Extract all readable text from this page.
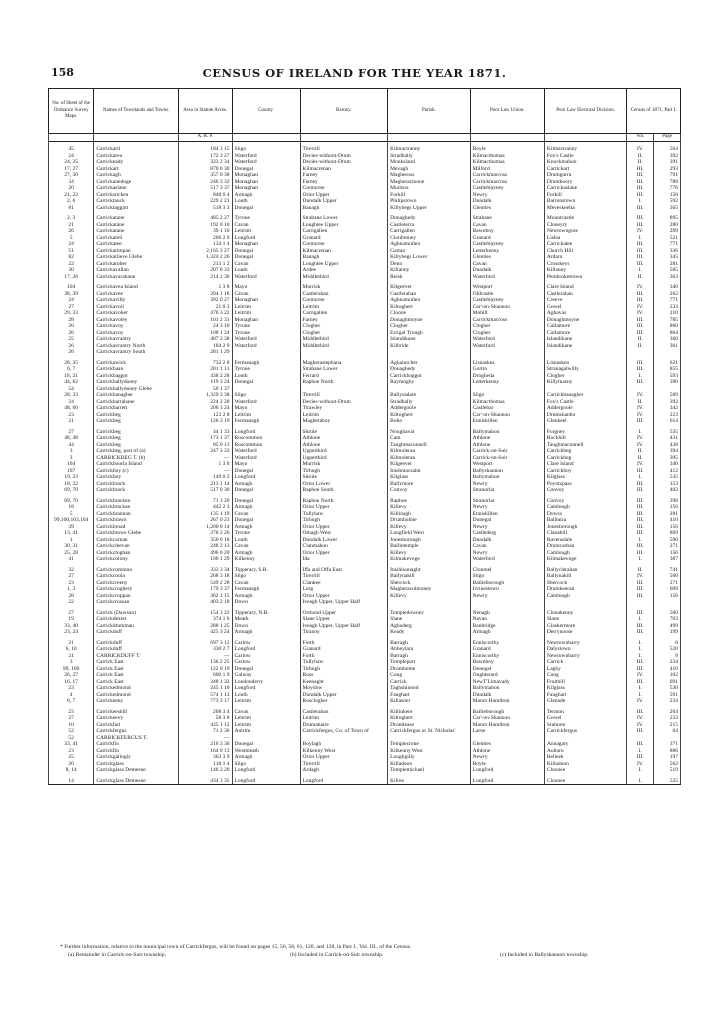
158	CENSUS OF IRELAND FOR THE YEAR 1871.
No. of Sheet of the Ordnance Survey Maps.	Names of Townlands and Towns.	Area in Statute Acres.	County.	Barony.	Parish.	Poor Law Union.	Poor Law Electoral Division.	Census of 1871, Part I.	
		A. R. P.						Vol.	Page

45	Carrickard	184 3 15	Sligo	Tirerrill	Kilmactranny	Boyle	Kilmactranny	IV.	564
24	Carrickarea	172 3 27	Waterford	Decies-without-Drum	Stradbally	Kilmacthomas	Fox's Castle	II.	392
24, 25	Carrickeady	323 2 34	Waterford	Decies-without-Drum	Monksland	Kilmacthomas	Knockmahon	II.	391
17, 27	Carrickart	870 0 30	Donegal	Kilmacrenan	Mevagh	Milford	Carrickart	III.	293
27, 30	Carrickagh	357 0 38	Monaghan	Farney	Magheross	Carrickmacross	Drumgurra	III.	791
34	Carrickanedoge	240 3 32	Monaghan	Farney	Magheracloone	Carrickmacross	Drumboory	III.	788
20	Carrickaslane	517 3 37	Monaghan	Cremorne	Muckno	Castleblayney	Carrickaslane	III.	776
21, 22	Carricksticken	848 0 4	Armagh	Orior Upper	Forkill	Newry	Forkill	III.	156
2, 6	Carricktauck	229 2 21	Louth	Dundalk Upper	Philipstown	Dundalk	Barronstown	I.	592
81	Carricktaggart	518 3 3	Donegal	Banagh	Killybegs Upper	Glenties	Meveskeelta	III.	365

2, 3	Carrickatane	485 2 27	Tyrone	Strabane Lower	Donaghedy	Strabane	Mountcastle	III.	895
21	Carrickatane	192 0 10	Cavan	Loughtee Upper	Castleterra	Cavan	Cloneyry	III.	280
26	Carrickatane	39 1 16	Leitrim	Carrigallen	Carrigallen	Bawnboy	Newtowngore	IV.	209
5	Carrickateil	206 2 0	Longford	Granard	Clonbroney	Granard	Lislea	I.	521
24	Carrickatee	134 1 4	Monaghan	Cremorne	Aghnamullen	Castleblayney	Carrickatee	III.	771
51	Carrickatimpan	2,165 3 27	Donegal	Kilmacrenan	Gartan	Letterkenny	Church Hill	III.	336
82	Carrickatlieve Glebe	1,324 2 26	Donegal	Banagh	Killybegs Lower	Glenties	Ardara	III.	345
22	Carrickatober	213 1 2	Cavan	Loughtee Upper	Denn	Cavan	Crosskeys	III.	281
30	Carrickavallan	207 0 33	Louth	Ardee	Killanny	Dundalk	Killanny	I.	585
17, 26	Carrickavarahane	214 2 30	Waterford	Middlethird	Reisk	Waterford	Pembrokestown	II.	363

104	Carrickavea Island	1 3 8	Mayo	Murrisk	Kilgeever	Westport	Clare Island	IV.	340
38, 39	Carrickavee	204 1 18	Cavan	Castlerahan	Castlerahan	Oldcastle	Castlerahan	III.	262
24	Carrickavilly	392 0 27	Monaghan	Cremorne	Aghnamullen	Castleblayney	Creeve	III.	771
27	Carrickavoil	21 0 3	Leitrim	Leitrim	Kiltoghert	Car'-on-Shannon	Gowel	IV.	233
29, 33	Carrickavoher	476 3 22	Leitrim	Carrigallen	Cloone	Mohill	Aghavas	IV.	210
28	Carrickavoley	101 2 31	Monaghan	Farney	Donaghmoyne	Carrickmacross	Donaghmoyne	III.	785
26	Carrickavoy	24 3 10	Tyrone	Clogher	Clogher	Clogher	Cullamore	III.	860
26	Carrickavoy	108 1 24	Tyrone	Clogher	Errigal Trough	Clogher	Cullamore	III.	864
25	Carrickavrantry	407 2 38	Waterford	Middlethird	Islandikane	Waterford	Islandikane	II.	360
26	Carrickavrantry North	184 2 9	Waterford	Middlethird	Kilbride	Waterford	Islandikane	II.	361
26	Carrickavrantry South	281 1 29							

28, 35	Carrickawick	732 2 8	Fermanagh	Magherastephana	Aghalurcher	Lisnaskea	Lisnaskea	III.	621
6, 7	Carrickbaan	281 1 13	Tyrone	Strabane Lower	Donaghedy	Gortin	Stranagalwilly	III.	855
18, 21	Carrickbaggot	438 2 28	Louth	Ferrard	Carrickbaggot	Drogheda	Clogher	I.	593
44, 62	Carrickballydooey	119 3 24	Donegal	Raphoe North	Raymoghy	Letterkenny	Killymasny	III.	390
54	Carrickballydooey Glebe	50 1 37							
28, 33	Carrickbanagher	1,329 3 38	Sligo	Tirerrill	Ballysadare	Sligo	Carrickbanagher	IV.	569
24	Carrickbarrahane	224 2 28	Waterford	Decies-without-Drum	Stradbally	Kilmacthomas	Fox's Castle	II.	392
48, 60	Carrickbarrett	206 3 24	Mayo	Tirawley	Addergoole	Castlebar	Addergoole	IV.	342
23	Carrickbeg	123 2 8	Leitrim	Leitrim	Kiltoghert	Car'-on-Shannon	Drumshanbo	IV.	223
21	Carrickbeg	126 3 19	Fermanagh	Magheraboy	Boho	Enniskillen	Glenkeel	III.	614

27	Carrickbeg	44 1 33	Longford	Shrule	Noughaval	Ballymahon	Forgney	I.	535
48, 48	Carrickbeg	173 1 37	Roscommon	Athlone	Cam	Athlone	Rockhill	IV.	431
44	Carrickbeg	85 0 13	Roscommon	Athlone	Taughmaconnell	Athlone	Taughmaconnell	IV.	438
3	Carrickbeg, part of (a)	247 3 33	Waterford	Upperthird	Kilmoleran	Carrick-on-Suir	Carrickbeg	II.	394
3	CARRICKBEG T. (b)	—	Waterford	Upperthird	Kilmoleran	Carrick-on-Suir	Carrickbeg	II.	395
104	Carrickboorla Island	1 3 0	Mayo	Murrisk	Kilgeever	Westport	Clare Island	IV.	340
107	Carrickboy (c)	—	Donegal	Tirhugh	Inishmacsaint	Ballyshannon	Carrickboy	III.	412
19, 23	Carrickboy	149 0 2	Longford	Shrule	Kilglass	Ballymahon	Kilglass	I.	535
18, 22	Carrickbrack	213 1 14	Armagh	Orior Lower	Ballymore	Newry	Poyntzpass	III.	153
69, 70	Carrickbrack	517 0 30	Donegal	Raphoe South	Convoy	Stranorlar	Convoy	III.	402

69, 70	Carrickbracken	71 3 20	Donegal	Raphoe North	Raphoe	Stranorlar	Convoy	III.	398
18	Carrickbrackan	442 2 3	Armagh	Orior Upper	Killevy	Newry	Camlough	III.	156
5	Carrickbrannan	135 1 19	Cavan	Tullyhaw	Killinagh	Enniskillen	Dowra	III.	281
99,100,103,104	Carrickbrawn	267 0 23	Donegal	Tirhugh	Drumholme	Donegal	Ballintra	III.	410
39	Carrickbroad	1,200 0 14	Armagh	Orior Upper	Killevy	Newry	Jonesborough	III.	156
13, 41	Carrickbrowe Glebe	276 2 26	Tyrone	Omagh West	Longfield West	Castlederg	Clanabill	III.	869
1	Carrickcarnan	350 0 18	Louth	Dundalk Lower	Jonesborough	Dundalk	Ravensdale	I.	590
30, 31	Carrickcleevan	248 2 13	Cavan	Clanmahon	Ballintemple	Cavan	Drumcarban	III.	271
25, 28	Carrickcloghan	496 0 20	Armagh	Orior Upper	Killevy	Newry	Camlough	III.	156
41	Carrickcolony	100 1 29	Kilkenny	Ida	Kilmakevoge	Waterford	Kilmakevoge	I.	387

32	Carrickcommon	333 3 34	Tipperary, S.R.	Iffa and Offa East	Inishlounaght	Clonmel	Ballyclerahan	II.	741
27	Carrickcoola	268 3 18	Sligo	Tirerrill	Ballynakill	Sligo	Ballynakill	IV.	560
23	Carrickcreeny	549 2 28	Cavan	Clankee	Shercock	Bailieborough	Shercock	III.	271
1, 3	Carrickcroghery	179 3 37	Fermanagh	Lurg	Magheraculmoney	Irvinestown	Drumkeeran	III.	609
28	Carrickcroppan	362 1 15	Armagh	Orior Upper	Killevy	Newry	Camlough	III.	156
22	Carrickcrossan	403 2 18	Down	Iveagh Upper, Upper Half					

27	Carrick (Dawson)	154 3 22	Tipperary, N.R.	Ormond Upper	Templedowney	Nenagh	Clonakenny	III.	500
19	Carrickdexter	374 1 6	Meath	Slane Upper	Slane	Navan	Slane	I.	703
33, 40	Carrickdrumman	288 1 25	Down	Iveagh Upper, Upper Half	Aghaderg	Banbridge	Glaskermore	III.	499
23, 24	Carrickduff	425 3 24	Armagh	Tiranny	Keady	Armagh	Derrynoose	III.	199

21	Carrickduff	697 3 12	Carlow	Forth	Barragh	Enniscorthy	Newtownbarry	I.	8
6, 10	Carrickduff	330 2 7	Longford	Granard	Abbeylara	Granard	Dalystown	I.	520
21	CARRICKDUFF T.	—	Carlow	Forth	Barragh	Enniscorthy	Newtownbarry	I.	8
3	Carrick East	136 2 25	Carlow	Tullyhaw	Templeport	Bawnboy	Carrick	III.	234
99, 100	Carrick East	122 0 19	Donegal	Tirhugh	Drumhome	Donegal	Laghy	III.	410
26, 27	Carrick East	600 1 9	Galway	Ross	Cong	Oughterard	Cong	IV.	102
16, 17	Carrick East	348 1 32	Londonderry	Keenaght	Carrick	NewT'Limavady	Fruithill	III.	691
23	Carrickedmond	245 1 10	Longford	Moydow	Taghshinnod	Ballymahon	Kilglass	I.	530
4	Carrickedmond	574 1 13	Louth	Dundalk Upper	Faughart	Dundalk	Faughart	I.	591
6, 7	Carrickeeny	773 3 17	Leitrim	Rosclogher	Killasnet	Manor Hamilton	Glenade	IV.	234

23	Carrickeeshill	208 3 4	Cavan	Castlerahan	Killinkere	Bailieborough	Termon	III.	264
27	Carrickeevy	58 3 8	Leitrim	Leitrim	Kiltoghert	Car'-on-Shannon	Gowel	IV.	233
10	Carrickfad	425 1 12	Leitrim	Drumahaire	Drumlease	Manor Hamilton	Sramore	IV.	215
52	Carrickfergus	71 2 36	Antrim	Carrickfergus, Co. of Town of	Carrickfergus or St. Nicholas'	Larne	Carrickfergus	III.	64
52	CARRICKFERGUS T.	—							
33, 41	Carrickfin	210 3 30	Donegal	Boylagh	Templecrone	Glenties	Annagary	III.	371
23	Carrickfin	164 0 13	Westmeath	Kilkenny West	Kilkenny West	Athlone	Auburn	I.	886
25	Carrickgallogly	363 3 9	Armagh	Orior Upper	Loughgilly	Newry	Belleek	III.	197
20	Carrickglass	118 1 4	Sligo	Tirerrill	Killadoon	Boyle	Killadoon	IV.	562
8, 14	Carrickglass Demesne	146 2 20	Longford	Ardagh	Templemichael	Longford	Cloonee	I.	519

14	Carrickglass Demesne	434 3 35	Longford	Longford	Killoe	Longford	Cloonee	I.	525
* Further information, relative to the municipal town of Carrickfergus, will be found on pages 15, 56, 58, 61, 120, and 128, in Part I., Vol. III., of the Census.
(a) Remainder in Carrick-on-Suir township.	(b) Included in Carrick-on-Suir township.	(c) Included in Ballyshannon township.
